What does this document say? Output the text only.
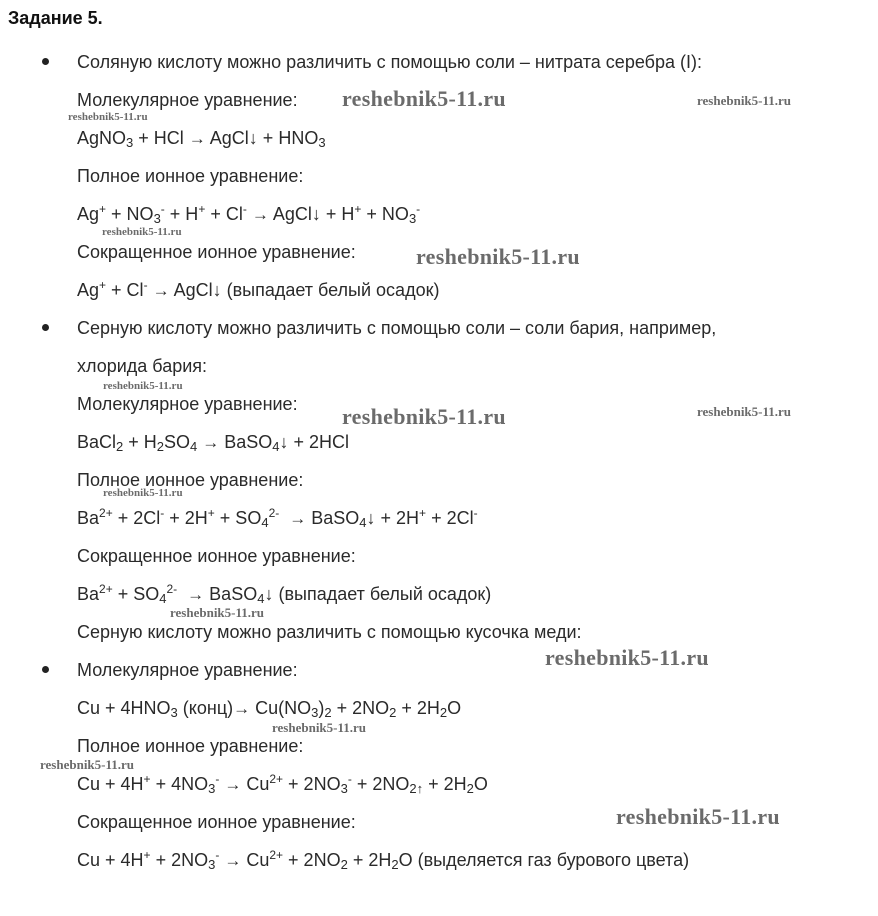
Задание 5.
Соляную кислоту можно различить с помощью соли – нитрата серебра (I):
Молекулярное уравнение:
AgNO$_3$ + HCl → AgCl↓ + $HNO_3$
Полное ионное уравнение:
$Ag^+ + NO_3^- + H^+ + Cl^-$ → AgCl↓ + $H^+ + NO_3^-$
Сокращенное ионное уравнение:
Ag+ + Cl- → AgCl↓ (выпадает белый осадок)
Серную кислоту можно различить с помощью соли – соли бария, например,
хлорида бария:
Молекулярное уравнение:
BaCl$_2$ + $H_2SO_4$ → BaSO$_4$↓ + 2HCl
Полное ионное уравнение:
$Ba^{2+} + 2Cl^- + 2H^+ + SO_4^{2-}$ → BaSO$_4$↓ + 2H+ + 2Cl-
Сокращенное ионное уравнение:
$Ba^{2+} + SO_4^{2-}$ → BaSO$_4$↓ (выпадает белый осадок)
Серную кислоту можно различить с помощью кусочка меди:
Молекулярное уравнение:
$Cu + 4HNO_3$ (конц)→ $Cu(NO_3)_2 + 2NO_2 + 2H_2O$
Полное ионное уравнение:
$Cu + 4H^+ + 4NO_3^- \to Cu^{2+} + 2NO_3^- + 2NO_{2↑} + 2H_2O$
Сокращенное ионное уравнение:
$Cu + 4H^+ + 2NO_3^- \to Cu^{2+} + 2NO_2 + 2H_2O$ (выделяется газ бурового цвета)
reshebnik5-11.ru	reshebnik5-11.ru
reshebnik5-11.ru
reshebnik5-11.ru
reshebnik5-11.ru
reshebnik5-11.ru
reshebnik5-11.ru	reshebnik5-11.ru
reshebnik5-11.ru
reshebnik5-11.ru
reshebnik5-11.ru
reshebnik5-11.ru
reshebnik5-11.ru
reshebnik5-11.ru
